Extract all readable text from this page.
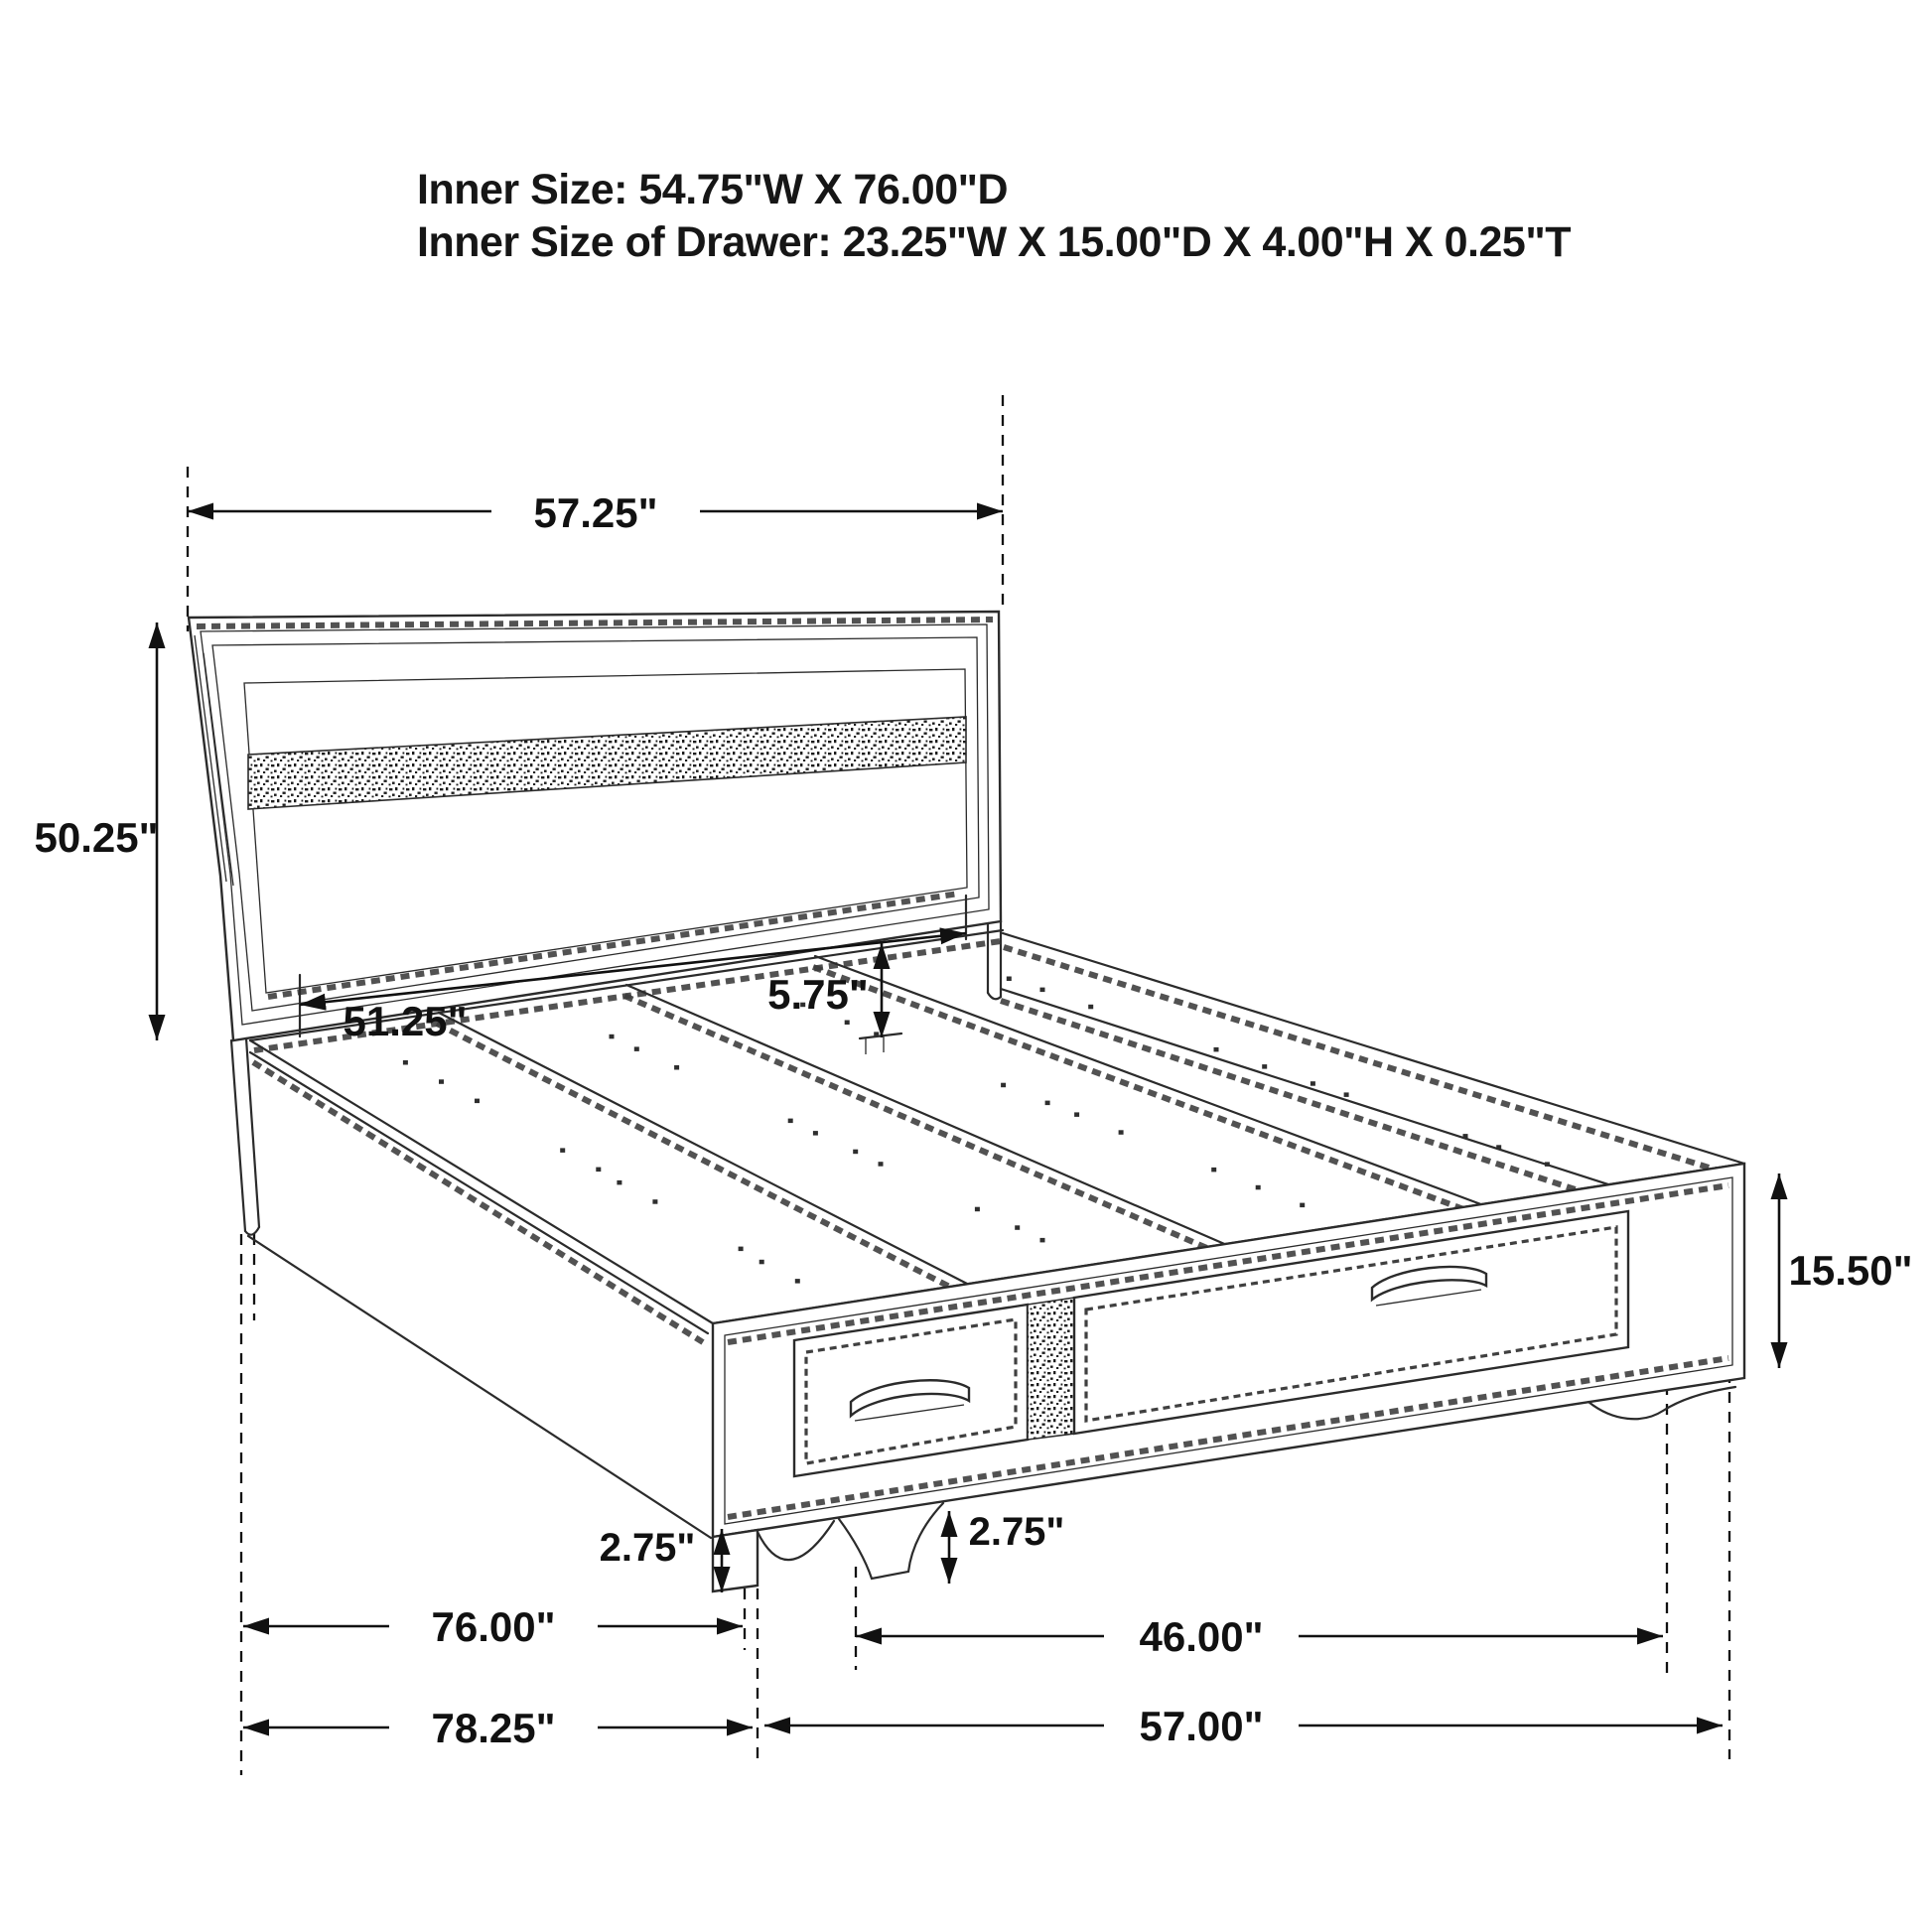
Inner Size: 54.75"W X 76.00"D
Inner Size of Drawer: 23.25"W X 15.00"D X 4.00"H X 0.25"T
57.25"
50.25"
51.25"
5.75"
15.50"
2.75"	2.75"
76.00"	46.00"
78.25"	57.00"
